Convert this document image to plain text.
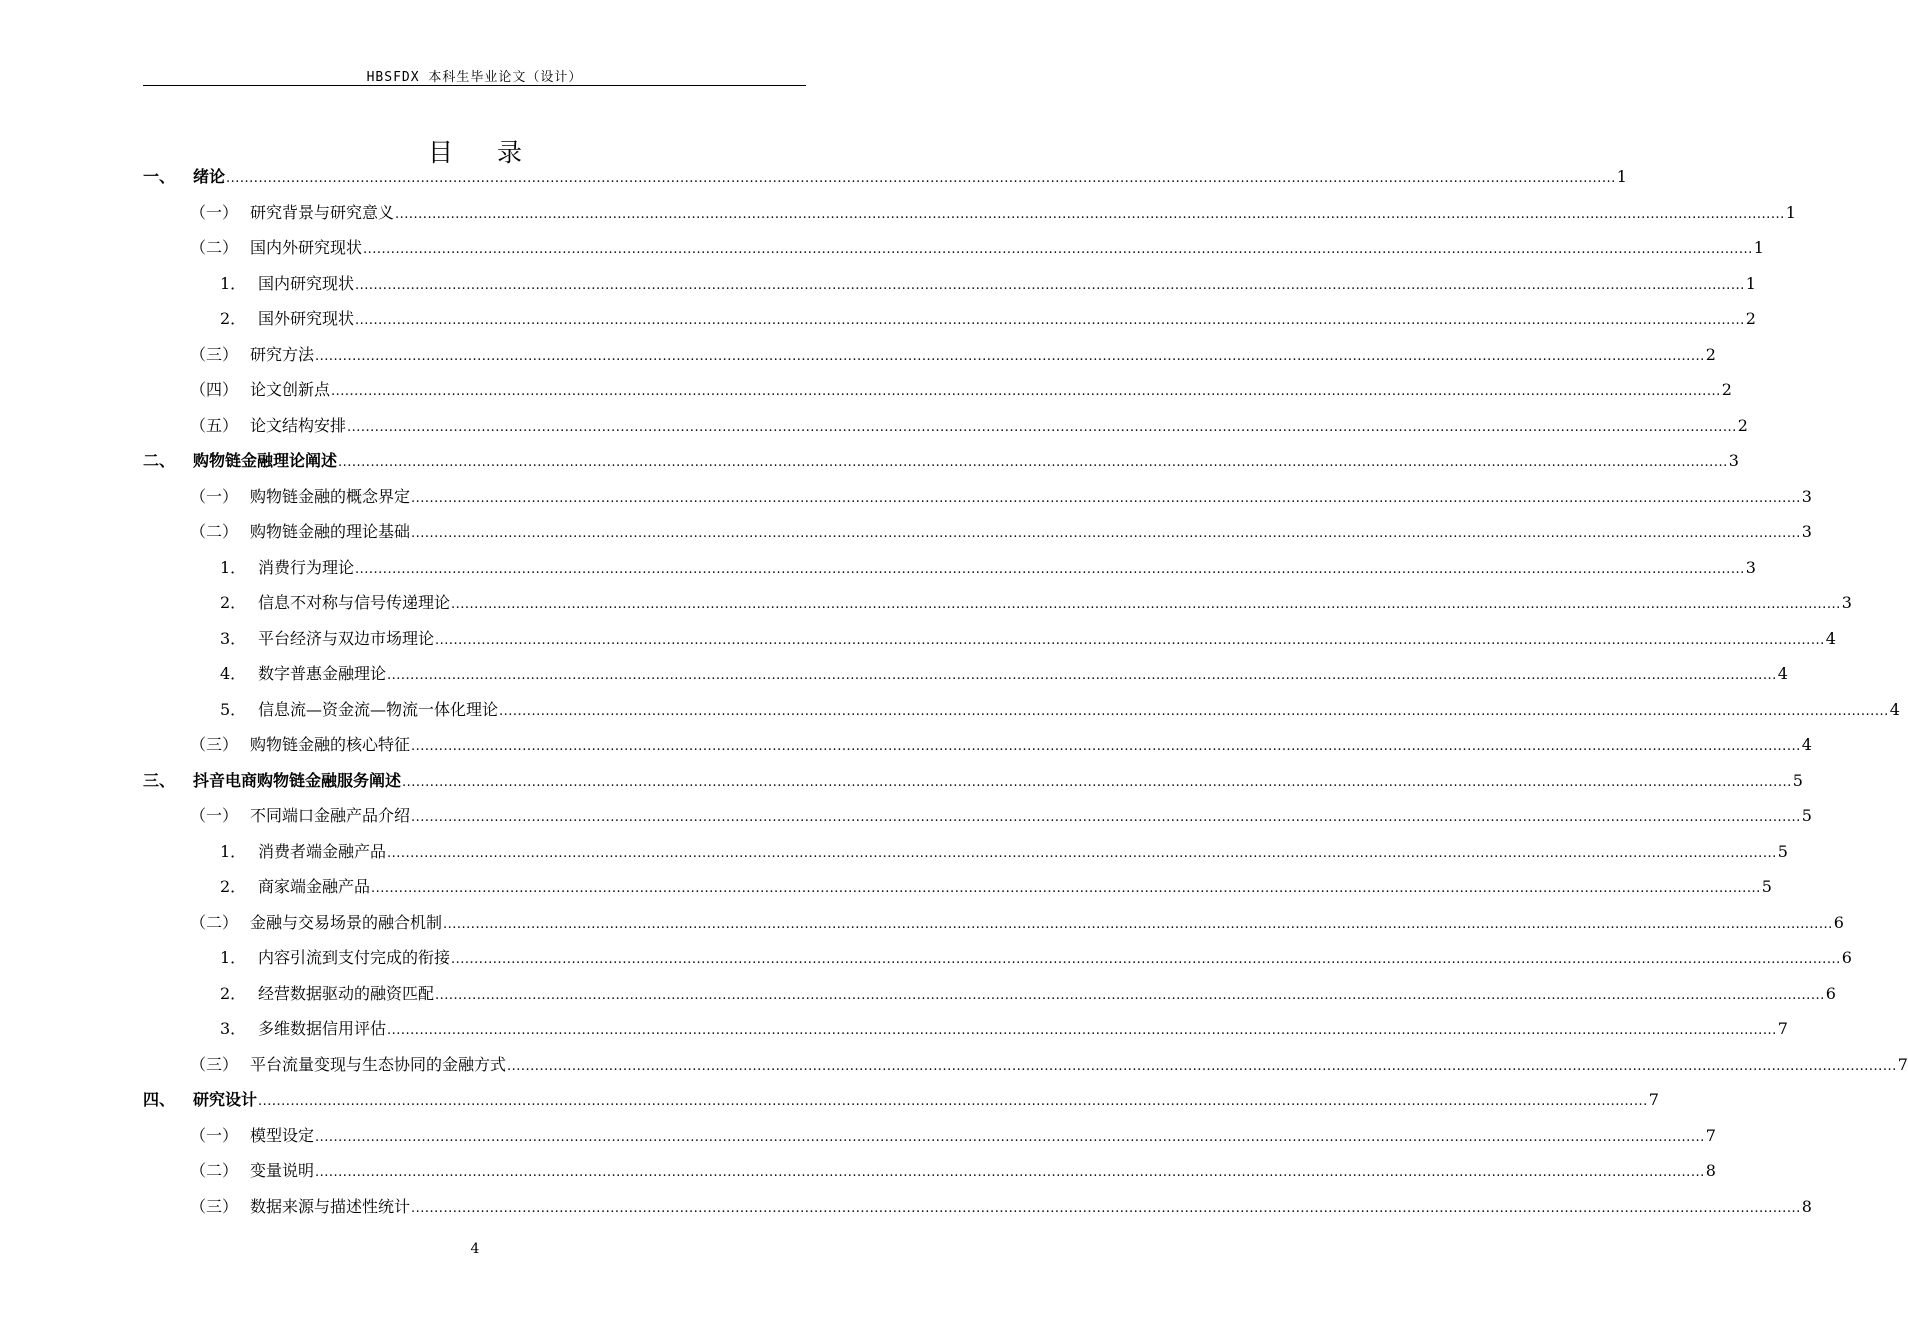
HBSFDX 本科生毕业论文（设计）
目 录
一、	绪论 ............................................................................................................................................................................................................................................................................................................ 1
（一） 研究背景与研究意义 ............................................................................................................................................................................................................................................................................................................ 1
（二） 国内外研究现状 ............................................................................................................................................................................................................................................................................................................ 1
1． 国内研究现状 ............................................................................................................................................................................................................................................................................................................ 1
2． 国外研究现状 ............................................................................................................................................................................................................................................................................................................ 2
（三） 研究方法 ............................................................................................................................................................................................................................................................................................................ 2
（四） 论文创新点 ............................................................................................................................................................................................................................................................................................................ 2
（五） 论文结构安排 ............................................................................................................................................................................................................................................................................................................ 2
二、	购物链金融理论阐述 ............................................................................................................................................................................................................................................................................................................ 3
（一） 购物链金融的概念界定 ............................................................................................................................................................................................................................................................................................................ 3
（二） 购物链金融的理论基础 ............................................................................................................................................................................................................................................................................................................ 3
1． 消费行为理论 ............................................................................................................................................................................................................................................................................................................ 3
2． 信息不对称与信号传递理论 ............................................................................................................................................................................................................................................................................................................ 3
3． 平台经济与双边市场理论 ............................................................................................................................................................................................................................................................................................................ 4
4． 数字普惠金融理论 ............................................................................................................................................................................................................................................................................................................ 4
5． 信息流—资金流—物流一体化理论 ............................................................................................................................................................................................................................................................................................................ 4
（三） 购物链金融的核心特征 ............................................................................................................................................................................................................................................................................................................ 4
三、	抖音电商购物链金融服务阐述 ............................................................................................................................................................................................................................................................................................................ 5
（一） 不同端口金融产品介绍 ............................................................................................................................................................................................................................................................................................................ 5
1． 消费者端金融产品 ............................................................................................................................................................................................................................................................................................................ 5
2． 商家端金融产品 ............................................................................................................................................................................................................................................................................................................ 5
（二） 金融与交易场景的融合机制 ............................................................................................................................................................................................................................................................................................................ 6
1． 内容引流到支付完成的衔接 ............................................................................................................................................................................................................................................................................................................ 6
2． 经营数据驱动的融资匹配 ............................................................................................................................................................................................................................................................................................................ 6
3． 多维数据信用评估 ............................................................................................................................................................................................................................................................................................................ 7
（三） 平台流量变现与生态协同的金融方式 ............................................................................................................................................................................................................................................................................................................ 7
四、	研究设计 ............................................................................................................................................................................................................................................................................................................ 7
（一） 模型设定 ............................................................................................................................................................................................................................................................................................................ 7
（二） 变量说明 ............................................................................................................................................................................................................................................................................................................ 8
（三） 数据来源与描述性统计 ............................................................................................................................................................................................................................................................................................................ 8
4
